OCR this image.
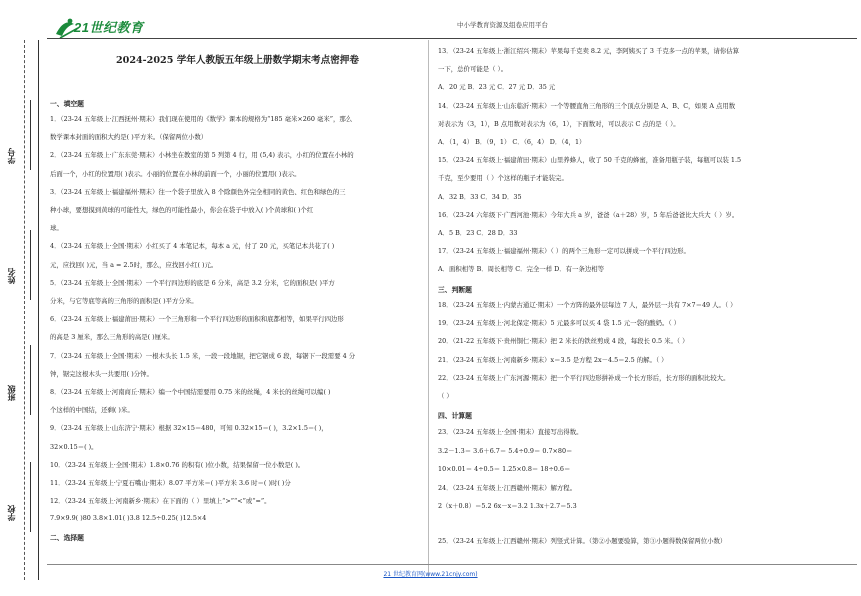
21世纪教育	中小学教育资源及组卷应用平台
学号
姓名
班级
学校
2024-2025 学年人教版五年级上册数学期末考点密押卷
一、填空题
1．（23-24 五年级上·江西抚州·期末）我们现在使用的《数学》课本的规格为“185 毫米×260 毫米”，那么
数学课本封面的面积大约是( )平方米。（保留两位小数）
2．（23-24 五年级上·广东东莞·期末）小林坐在教室的第 5 列第 4 行，用 (5,4) 表示，小红的位置在小林的
后面一个，小红的位置用( )表示。小丽的位置在小林的前面一个，小丽的位置用( )表示。
3．（23-24 五年级上·福建福州·期末）往一个袋子里放入 8 个除颜色外完全相同的黄色、红色和绿色的三
种小球，要想摸到黄球的可能性大，绿色的可能性最小，你会在袋子中放入( )个黄球和( )个红
球。
4．（23-24 五年级上·全国·期末）小红买了 4 本笔记本，每本 a 元，付了 20 元，买笔记本共花了( )
元，应找回( )元，当 a = 2.5时，那么，应找回小红( )元。
5．（23-24 五年级上·全国·期末）一个平行四边形的底是 6 分米，高是 3.2 分米，它的面积是( )平方
分米，与它等底等高的三角形的面积是( )平方分米。
6．（23-24 五年级上·福建莆田·期末）一个三角形和一个平行四边形的面积和底都相等，如果平行四边形
的高是 3 厘米，那么三角形的高是( )厘米。
7．（23-24 五年级上·全国·期末）一根木头长 1.5 米，一段一段地锯，把它锯成 6 段，每锯下一段需要 4 分
钟，锯完这根木头一共要用( )分钟。
8．（23-24 五年级上·河南商丘·期末）编一个中国结需要用 0.75 米的丝绳，4 米长的丝绳可以编( )
个这样的中国结，还剩( )米。
9．（23-24 五年级上·山东济宁·期末）根据 32×15＝480，可知 0.32×15＝( )，3.2×1.5＝( )，
32×0.15＝( )。
10．（23-24 五年级上·全国·期末）1.8×0.76 的积有( )位小数，结果保留一位小数是( )。
11．（23-24 五年级上·宁夏石嘴山·期末）8.07 平方米＝( )平方米 3.6 时＝( )时( )分
12．（23-24 五年级上·河南新乡·期末）在下面的（ ）里填上“>”“<”或“=”。
7.9×9.9( )80 3.8×1.01( )3.8 12.5÷0.25( )12.5×4
二、选择题
13．（23-24 五年级上·浙江绍兴·期末）苹果每千克卖 8.2 元，李阿姨买了 3 千克多一点的苹果，请你估算
一下，总价可能是（ ）。
A．20 元 B．23 元 C．27 元 D．35 元
14．（23-24 五年级上·山东临沂·期末）一个等腰直角三角形的三个顶点分别是 A、B、C，如果 A 点用数
对表示为（3，1），B 点用数对表示为（6，1），下面数对，可以表示 C 点的是（ ）。
A．（1，4） B．（9，1） C．（6，4） D．（4，1）
15．（23-24 五年级上·福建莆田·期末）山里养蜂人，收了 50 千克的蜂蜜，准备用瓶子装，每瓶可以装 1.5
千克，至少要用（ ）个这样的瓶子才能装完。
A．32 B．33 C．34 D．35
16．（23-24 六年级下·广西河池·期末）今年大兵 a 岁，爸爸（a＋28）岁，5 年后爸爸比大兵大（ ）岁。
A．5 B．23 C．28 D．33
17．（23-24 五年级上·福建福州·期末）（ ）的两个三角形一定可以拼成一个平行四边形。
A．面积相等 B．周长相等 C．完全一样 D．有一条边相等
三、判断题
18．（23-24 五年级上·内蒙古通辽·期末）一个方阵的最外层每边 7 人，最外层一共有 7×7＝49 人。（ ）
19．（23-24 五年级上·河北保定·期末）5 元最多可以买 4 袋 1.5 元一袋的酸奶。（ ）
20．（21-22 五年级下·贵州铜仁·期末）把 2 米长的铁丝剪成 4 段，每段长 0.5 米。（ ）
21．（23-24 五年级上·河南新乡·期末）x＝3.5 是方程 2x－4.5＝2.5 的解。（ ）
22．（23-24 五年级上·广东河源·期末）把一个平行四边形拼补成一个长方形后，长方形的面积比较大。
（ ）
四、计算题
23．（23-24 五年级上·全国·期末）直接写出得数。
3.2－1.3＝ 3.6＋6.7＝ 5.4÷0.9＝ 0.7×80＝
10×0.01＝ 4÷0.5＝ 1.25×0.8＝ 18÷0.6＝
24．（23-24 五年级上·江西赣州·期末）解方程。
2（x＋0.8）＝5.2 6x－x＝3.2 1.3x＋2.7＝5.3
25．（23-24 五年级上·江西赣州·期末）列竖式计算。（第②小题要验算，第③小题得数保留两位小数）
21 世纪教育网(www.21cnjy.com)
